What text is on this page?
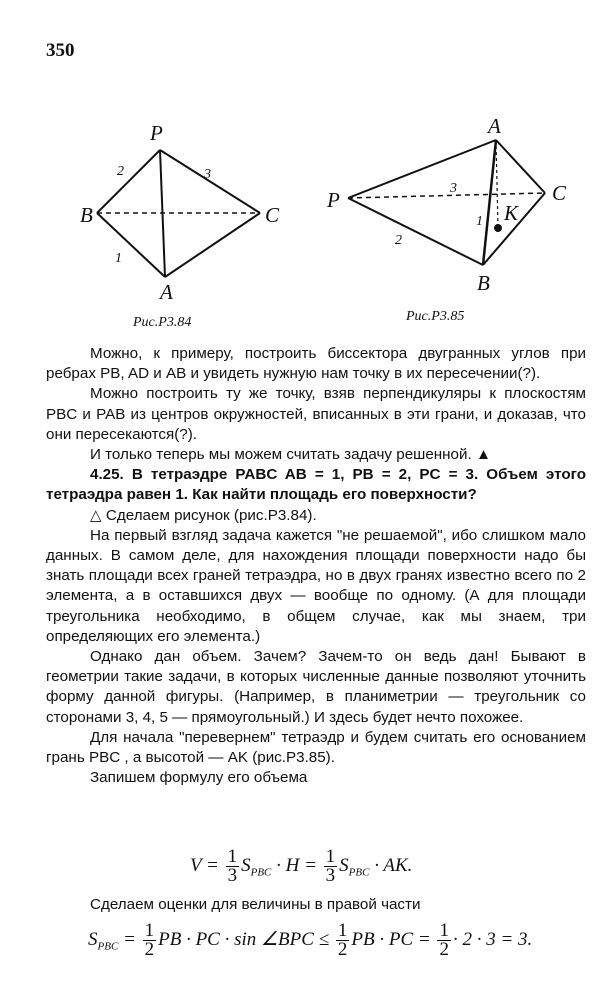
350
P
B	C
A
2	3
1
Рис.Р3.84
A
P	C
B
K
3
2
1
Рис.Р3.85

Можно, к примеру, построить биссектора двугранных углов при ребрах PB, AD и AB и увидеть нужную нам точку в их пересечении(?).

Можно построить ту же точку, взяв перпендикуляры к плоскостям PBC и PAB из центров окружностей, вписанных в эти грани, и доказав, что они пересекаются(?).

И только теперь мы можем считать задачу решенной. ▲

4.25. В тетраэдре PABC AB = 1, PB = 2, PC = 3. Объем этого тетраэдра равен 1. Как найти площадь его поверхности?

△ Сделаем рисунок (рис.Р3.84).

На первый взгляд задача кажется "не решаемой", ибо слишком мало данных. В самом деле, для нахождения площади поверхности надо бы знать площади всех граней тетраэдра, но в двух гранях известно всего по 2 элемента, а в оставшихся двух — вообще по одному. (А для площади треугольника необходимо, в общем случае, как мы знаем, три определяющих его элемента.)

Однако дан объем. Зачем? Зачем-то он ведь дан! Бывают в геометрии такие задачи, в которых численные данные позволяют уточнить форму данной фигуры. (Например, в планиметрии — треугольник со сторонами 3, 4, 5 — прямоугольный.) И здесь будет нечто похожее.

Для начала "перевернем" тетраэдр и будем считать его основанием грань PBC , а высотой — AK (рис.Р3.85).

Запишем формулу его объема

$V = \frac{1}{3} S_{PBC} \cdot H = \frac{1}{3} S_{PBC}$ · AK.

Сделаем оценки для величины в правой части

$S_{PBC} = \frac{1}{2}$ PB · PC · sin ∠BPC ≤ $\frac{1}{2}$ PB · PC = $\frac{1}{2} \cdot 2 \cdot 3 = 3$.
